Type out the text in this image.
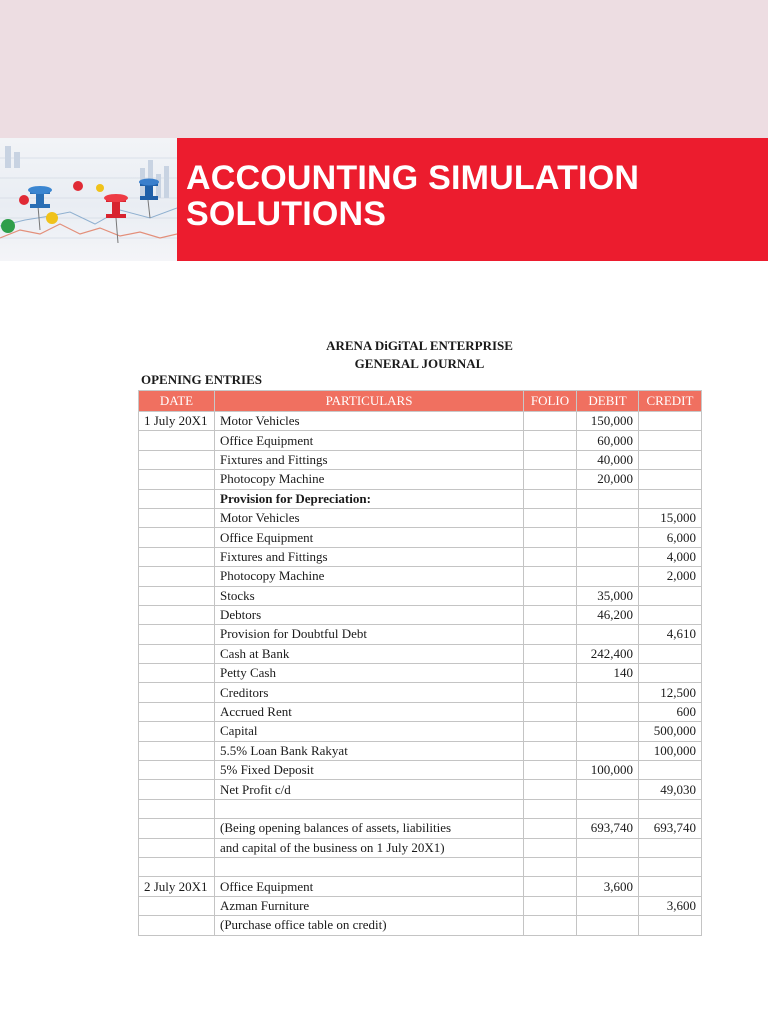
ACCOUNTING SIMULATION
SOLUTIONS
ARENA DiGiTAL ENTERPRISE
GENERAL JOURNAL
OPENING ENTRIES
DATE	PARTICULARS	FOLIO	DEBIT	CREDIT
1 July 20X1	Motor Vehicles		150,000	
	Office Equipment		60,000	
	Fixtures and Fittings		40,000	
	Photocopy Machine		20,000	
	Provision for Depreciation:			
	Motor Vehicles			15,000
	Office Equipment			6,000
	Fixtures and Fittings			4,000
	Photocopy Machine			2,000
	Stocks		35,000	
	Debtors		46,200	
	Provision for Doubtful Debt			4,610
	Cash at Bank		242,400	
	Petty Cash		140	
	Creditors			12,500
	Accrued Rent			600
	Capital			500,000
	5.5% Loan Bank Rakyat			100,000
	5% Fixed Deposit		100,000	
	Net Profit c/d			49,030

	(Being opening balances of assets, liabilities		693,740	693,740
	and capital of the business on 1 July 20X1)			

2 July 20X1	Office Equipment		3,600	
	Azman Furniture			3,600
	(Purchase office table on credit)			
